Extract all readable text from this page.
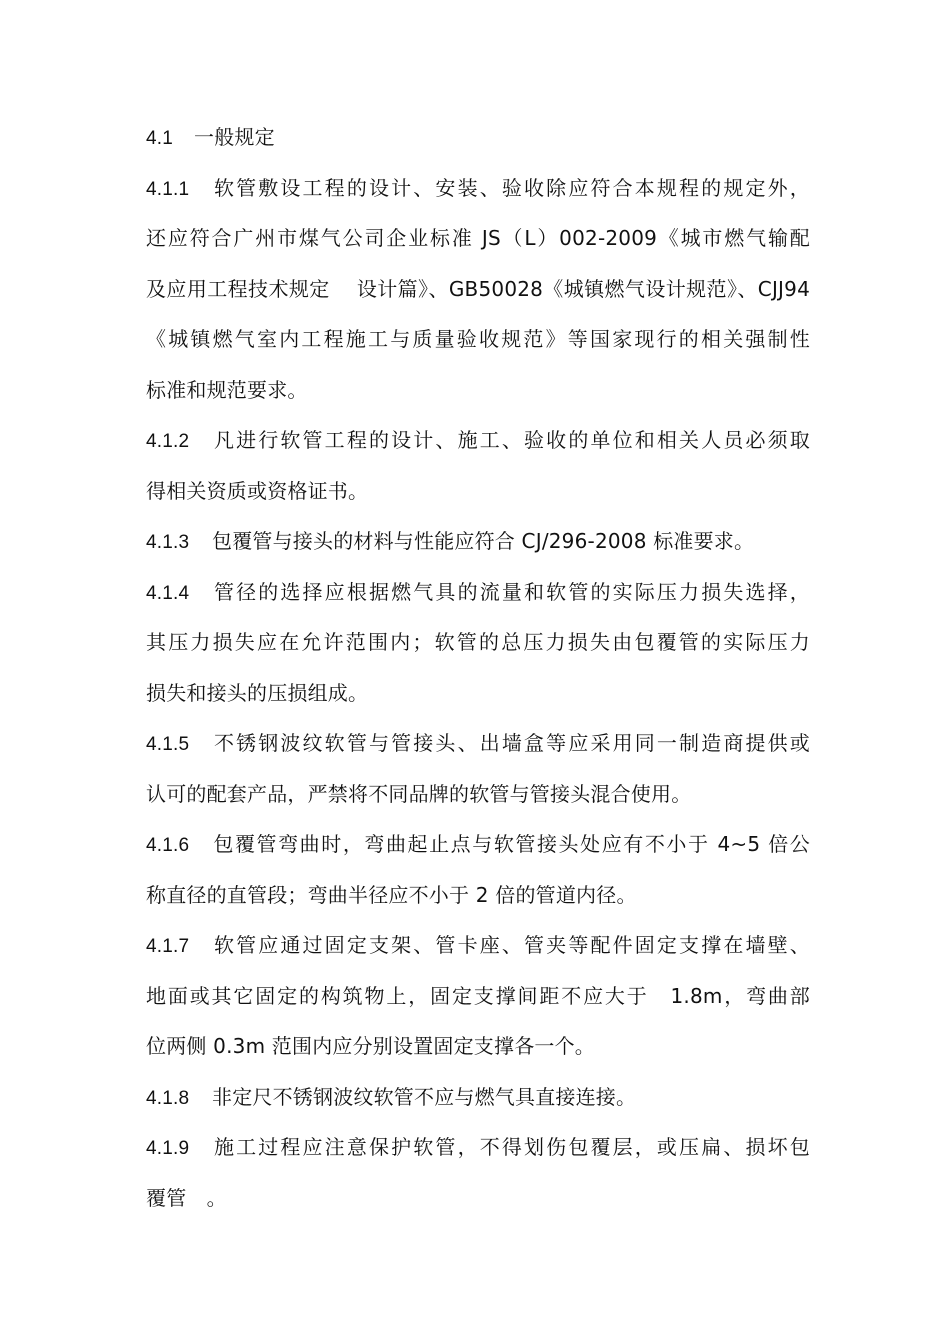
4.1 一般规定
4.1.1 软管敷设工程的设计、安装、验收除应符合本规程的规定外，
还应符合广州市煤气公司企业标准 JS（L）002-2009《城市燃气输配
及应用工程技术规定　 设计篇》、GB50028《城镇燃气设计规范》、CJJ94
《城镇燃气室内工程施工与质量验收规范》等国家现行的相关强制性
标准和规范要求。
4.1.2 凡进行软管工程的设计、施工、验收的单位和相关人员必须取
得相关资质或资格证书。
4.1.3 包覆管与接头的材料与性能应符合 CJ/296-2008 标准要求。
4.1.4 管径的选择应根据燃气具的流量和软管的实际压力损失选择，
其压力损失应在允许范围内；软管的总压力损失由包覆管的实际压力
损失和接头的压损组成。
4.1.5 不锈钢波纹软管与管接头、出墙盒等应采用同一制造商提供或
认可的配套产品，严禁将不同品牌的软管与管接头混合使用。
4.1.6 包覆管弯曲时，弯曲起止点与软管接头处应有不小于 4~5 倍公
称直径的直管段；弯曲半径应不小于 2 倍的管道内径。
4.1.7 软管应通过固定支架、管卡座、管夹等配件固定支撑在墙壁、
地面或其它固定的构筑物上，固定支撑间距不应大于　1.8m，弯曲部
位两侧 0.3m 范围内应分别设置固定支撑各一个。
4.1.8 非定尺不锈钢波纹软管不应与燃气具直接连接。
4.1.9 施工过程应注意保护软管，不得划伤包覆层，或压扁、损坏包
覆管　。
